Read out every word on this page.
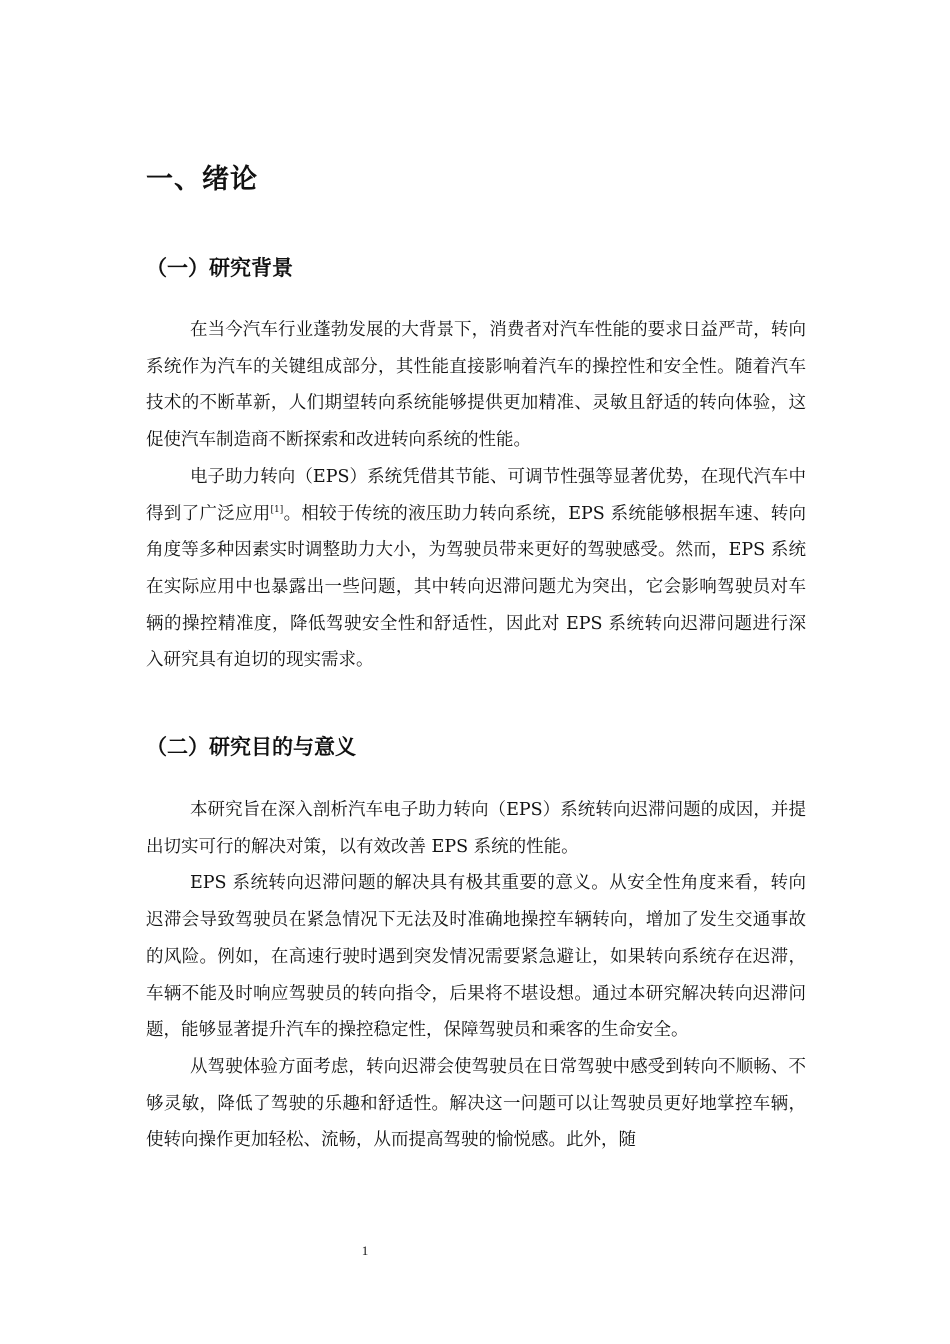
一、绪论
（一）研究背景

在当今汽车行业蓬勃发展的大背景下，消费者对汽车性能的要求日益严苛，转向系统作为汽车的关键组成部分，其性能直接影响着汽车的操控性和安全性。随着汽车技术的不断革新，人们期望转向系统能够提供更加精准、灵敏且舒适的转向体验，这促使汽车制造商不断探索和改进转向系统的性能。

电子助力转向（EPS）系统凭借其节能、可调节性强等显著优势，在现代汽车中得到了广泛应用[1]。相较于传统的液压助力转向系统，EPS 系统能够根据车速、转向角度等多种因素实时调整助力大小，为驾驶员带来更好的驾驶感受。然而，EPS 系统在实际应用中也暴露出一些问题，其中转向迟滞问题尤为突出，它会影响驾驶员对车辆的操控精准度，降低驾驶安全性和舒适性，因此对 EPS 系统转向迟滞问题进行深入研究具有迫切的现实需求。

（二）研究目的与意义

本研究旨在深入剖析汽车电子助力转向（EPS）系统转向迟滞问题的成因，并提出切实可行的解决对策，以有效改善 EPS 系统的性能。

EPS 系统转向迟滞问题的解决具有极其重要的意义。从安全性角度来看，转向迟滞会导致驾驶员在紧急情况下无法及时准确地操控车辆转向，增加了发生交通事故的风险。例如，在高速行驶时遇到突发情况需要紧急避让，如果转向系统存在迟滞，车辆不能及时响应驾驶员的转向指令，后果将不堪设想。通过本研究解决转向迟滞问题，能够显著提升汽车的操控稳定性，保障驾驶员和乘客的生命安全。

从驾驶体验方面考虑，转向迟滞会使驾驶员在日常驾驶中感受到转向不顺畅、不够灵敏，降低了驾驶的乐趣和舒适性。解决这一问题可以让驾驶员更好地掌控车辆，使转向操作更加轻松、流畅，从而提高驾驶的愉悦感。此外，随

1
